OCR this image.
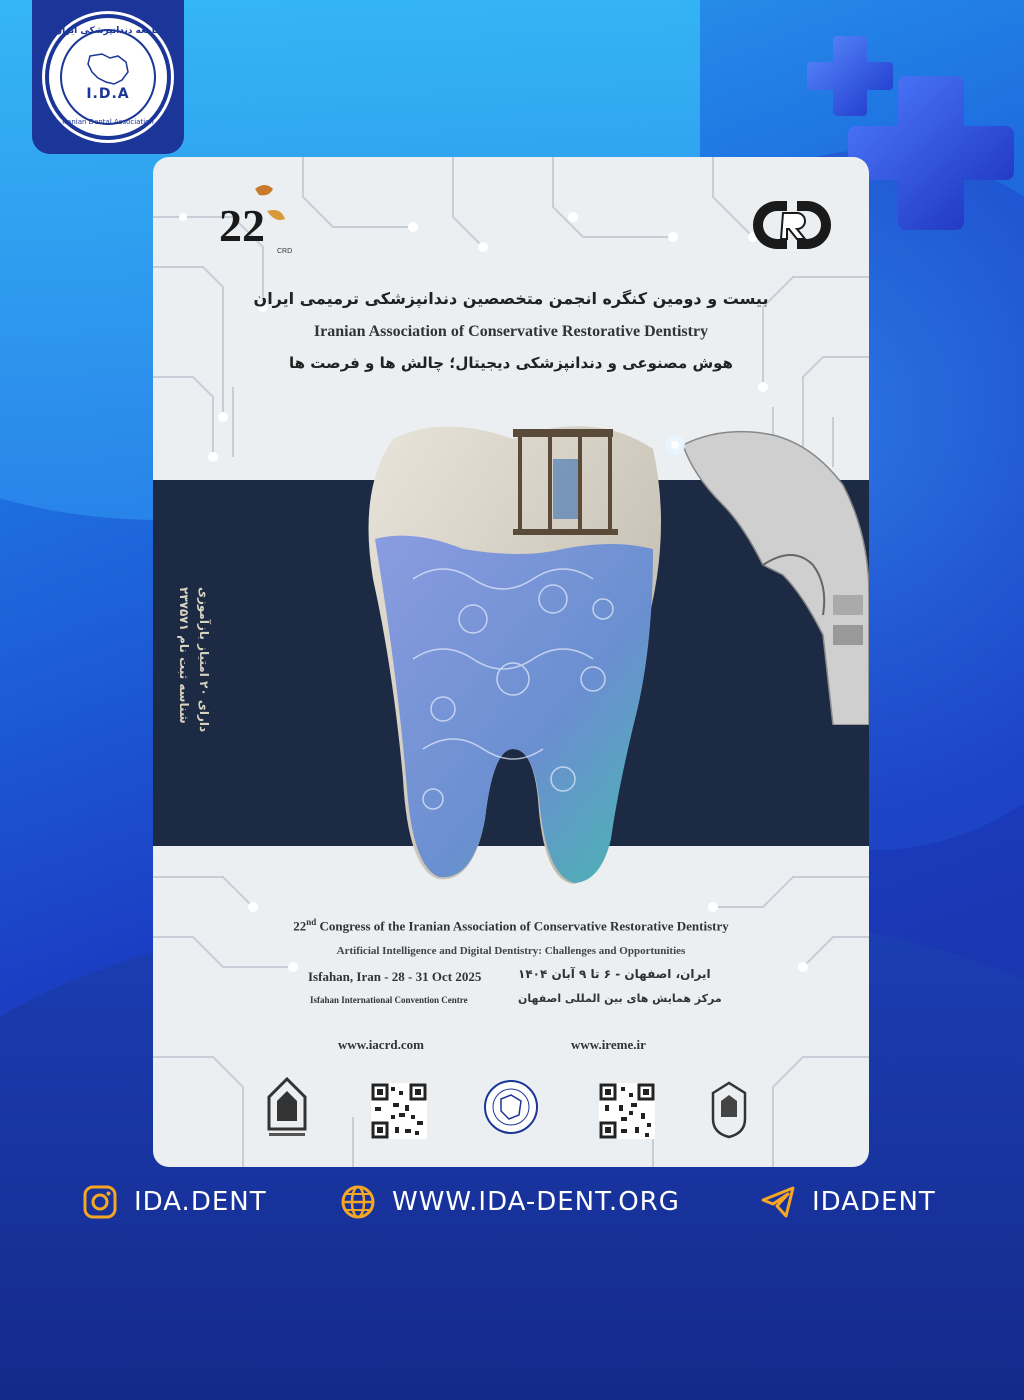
جامعه دندانپزشکی ایران
I.D.A
Iranian Dental Association
22
CRD
بیست و دومین کنگره انجمن متخصصین دندانپزشکی ترمیمی ایران
Iranian Association of Conservative Restorative Dentistry
هوش مصنوعی و دندانپزشکی دیجیتال؛ چالش ها و فرصت ها
دارای ۲۰ امتیاز بازآموزی
شناسه ثبت نام ۲۳۷۵۷۱
22nd Congress of the Iranian Association of Conservative Restorative Dentistry
Artificial Intelligence and Digital Dentistry: Challenges and Opportunities
Isfahan, Iran - 28 - 31 Oct 2025	ایران، اصفهان - ۶ تا ۹ آبان ۱۴۰۴
Isfahan International Convention Centre	مرکز همایش های بین المللی اصفهان
www.iacrd.com	www.ireme.ir
IDA.DENT	WWW.IDA-DENT.ORG	IDADENT
